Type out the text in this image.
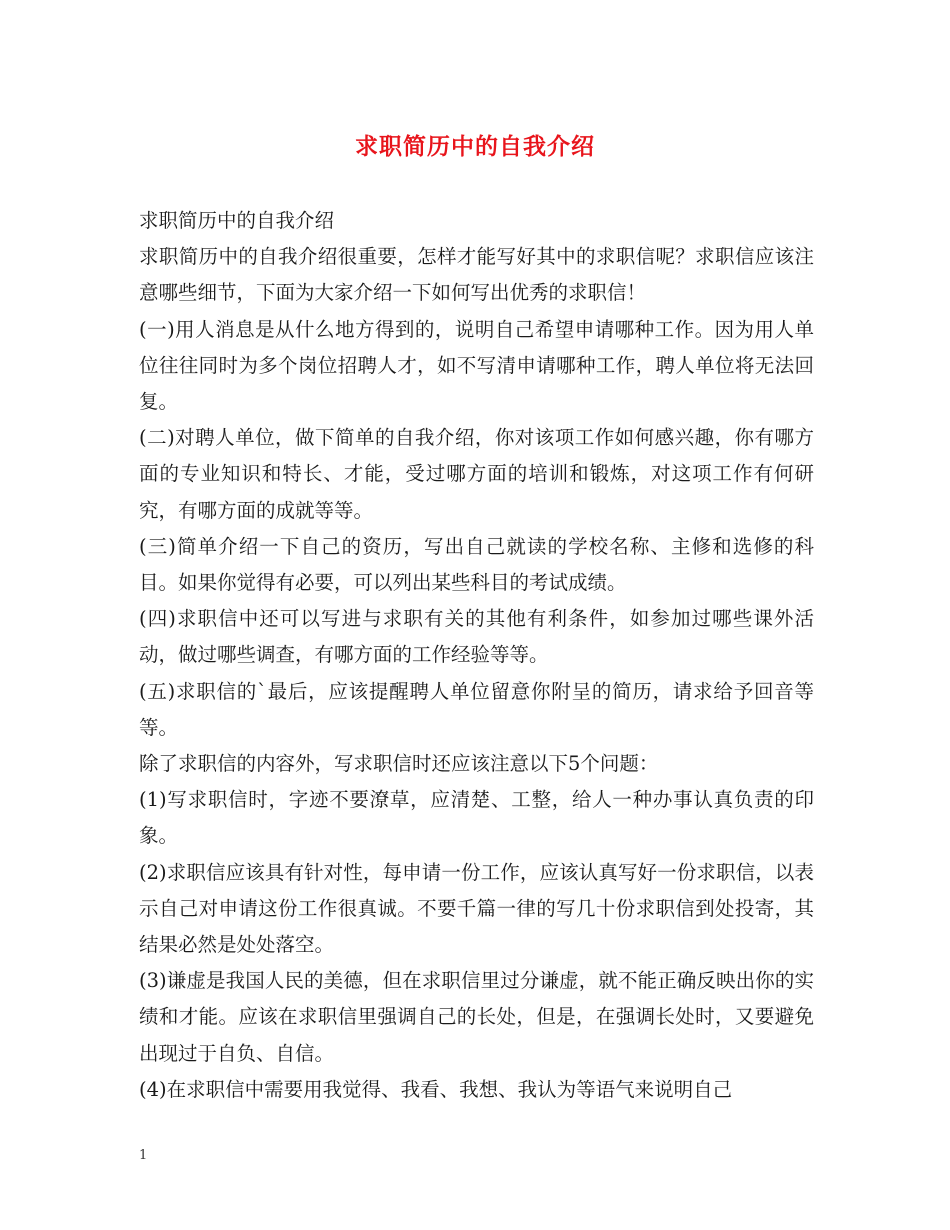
求职简历中的自我介绍

求职简历中的自我介绍

求职简历中的自我介绍很重要，怎样才能写好其中的求职信呢？求职信应该注意哪些细节，下面为大家介绍一下如何写出优秀的求职信！

(一)用人消息是从什么地方得到的，说明自己希望申请哪种工作。因为用人单位往往同时为多个岗位招聘人才，如不写清申请哪种工作，聘人单位将无法回复。

(二)对聘人单位，做下简单的自我介绍，你对该项工作如何感兴趣，你有哪方面的专业知识和特长、才能，受过哪方面的培训和锻炼，对这项工作有何研究，有哪方面的成就等等。

(三)简单介绍一下自己的资历，写出自己就读的学校名称、主修和选修的科目。如果你觉得有必要，可以列出某些科目的考试成绩。

(四)求职信中还可以写进与求职有关的其他有利条件，如参加过哪些课外活动，做过哪些调查，有哪方面的工作经验等等。

(五)求职信的`最后，应该提醒聘人单位留意你附呈的简历，请求给予回音等等。

除了求职信的内容外，写求职信时还应该注意以下5个问题：

(1)写求职信时，字迹不要潦草，应清楚、工整，给人一种办事认真负责的印象。

(2)求职信应该具有针对性，每申请一份工作，应该认真写好一份求职信，以表示自己对申请这份工作很真诚。不要千篇一律的写几十份求职信到处投寄，其结果必然是处处落空。

(3)谦虚是我国人民的美德，但在求职信里过分谦虚，就不能正确反映出你的实绩和才能。应该在求职信里强调自己的长处，但是，在强调长处时，又要避免出现过于自负、自信。

(4)在求职信中需要用我觉得、我看、我想、我认为等语气来说明自己

1
